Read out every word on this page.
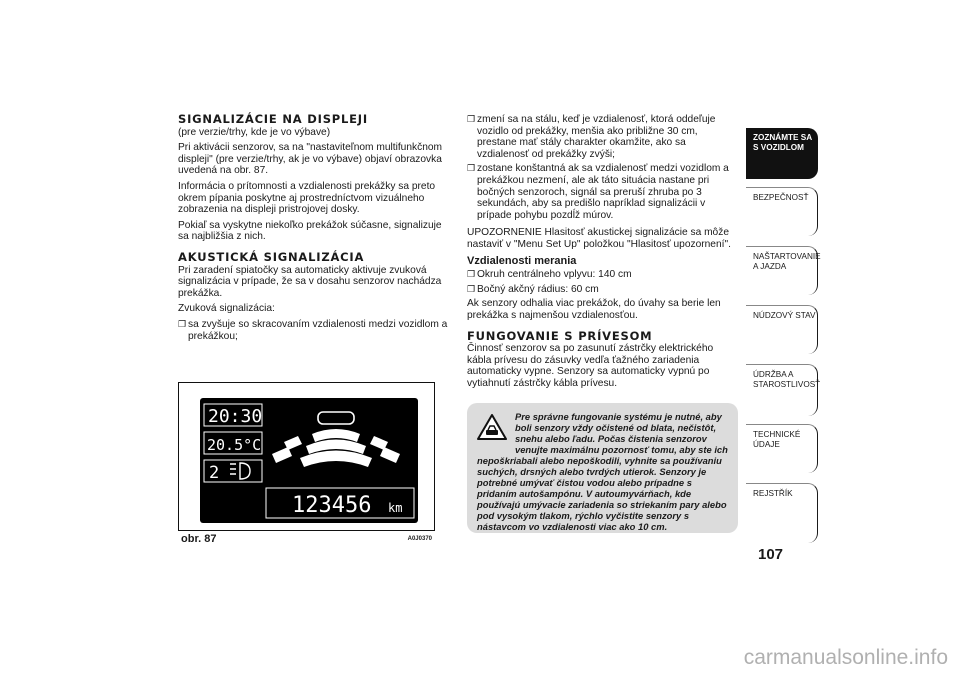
SIGNALIZÁCIE NA DISPLEJI

(pre verzie/trhy, kde je vo výbave)

Pri aktivácii senzorov, sa na "nastaviteľnom multifunkčnom displeji" (pre verzie/trhy, ak je vo výbave) objaví obrazovka uvedená na obr. 87.

Informácia o prítomnosti a vzdialenosti prekážky sa preto okrem pípania poskytne aj prostredníctvom vizuálneho zobrazenia na displeji pristrojovej dosky.

Pokiaľ sa vyskytne niekoľko prekážok súčasne, signalizuje sa najbližšia z nich.

AKUSTICKÁ SIGNALIZÁCIA

Pri zaradení spiatočky sa automaticky aktivuje zvuková signalizácia v prípade, že sa v dosahu senzorov nachádza prekážka.

Zvuková signalizácia:

❒ sa zvyšuje so skracovaním vzdialenosti medzi vozidlom a prekážkou;
20:30
20.5°C
2
123456 km
obr. 87	A0J0370
❒ zmení sa na stálu, keď je vzdialenosť, ktorá oddeľuje vozidlo od prekážky, menšia ako približne 30 cm, prestane mať stály charakter okamžite, ako sa vzdialenosť od prekážky zvýši;
❒ zostane konštantná ak sa vzdialenosť medzi vozidlom a prekážkou nezmení, ale ak táto situácia nastane pri bočných senzoroch, signál sa preruší zhruba po 3 sekundách, aby sa predišlo napríklad signalizácii v prípade pohybu pozdĺž múrov.

UPOZORNENIE Hlasitosť akustickej signalizácie sa môže nastaviť v "Menu Set Up" položkou "Hlasitosť upozornení".

Vzdialenosti merania
❒ Okruh centrálneho vplyvu: 140 cm
❒ Bočný akčný rádius: 60 cm

Ak senzory odhalia viac prekážok, do úvahy sa berie len prekážka s najmenšou vzdialenosťou.

FUNGOVANIE S PRÍVESOM

Činnosť senzorov sa po zasunutí zástrčky elektrického kábla prívesu do zásuvky vedľa ťažného zariadenia automaticky vypne. Senzory sa automaticky vypnú po vytiahnutí zástrčky kábla prívesu.

Pre správne fungovanie systému je nutné, aby boli senzory vždy očistené od blata, nečistôt, snehu alebo ľadu. Počas čistenia senzorov venujte maximálnu pozornosť tomu, aby ste ich nepoškriabali alebo nepoškodili, vyhnite sa používaniu suchých, drsných alebo tvrdých utierok. Senzory je potrebné umývať čistou vodou alebo prípadne s pridaním autošampónu. V autoumyvárňach, kde používajú umývacie zariadenia so striekaním pary alebo pod vysokým tlakom, rýchlo vyčistite senzory s nástavcom vo vzdialenosti viac ako 10 cm.
ZOZNÁMTE SA S VOZIDLOM
BEZPEČNOSŤ
NAŠTARTOVANIE A JAZDA
NÚDZOVÝ STAV
ÚDRŽBA A STAROSTLIVOSŤ
TECHNICKÉ ÚDAJE
REJSTŘÍK
107
carmanualsonline.info
